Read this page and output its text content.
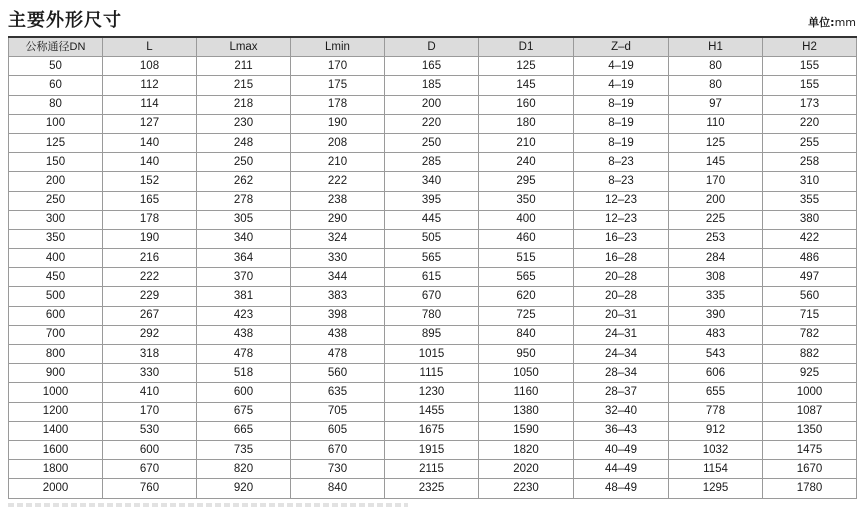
主要外形尺寸	单位:mm
公称通径DN	L	Lmax	Lmin	D	D1	Z–d	H1	H2
50	108	211	170	165	125	4–19	80	155
60	112	215	175	185	145	4–19	80	155
80	114	218	178	200	160	8–19	97	173
100	127	230	190	220	180	8–19	110	220
125	140	248	208	250	210	8–19	125	255
150	140	250	210	285	240	8–23	145	258
200	152	262	222	340	295	8–23	170	310
250	165	278	238	395	350	12–23	200	355
300	178	305	290	445	400	12–23	225	380
350	190	340	324	505	460	16–23	253	422
400	216	364	330	565	515	16–28	284	486
450	222	370	344	615	565	20–28	308	497
500	229	381	383	670	620	20–28	335	560
600	267	423	398	780	725	20–31	390	715
700	292	438	438	895	840	24–31	483	782
800	318	478	478	1015	950	24–34	543	882
900	330	518	560	1115	1050	28–34	606	925
1000	410	600	635	1230	1160	28–37	655	1000
1200	170	675	705	1455	1380	32–40	778	1087
1400	530	665	605	1675	1590	36–43	912	1350
1600	600	735	670	1915	1820	40–49	1032	1475
1800	670	820	730	2115	2020	44–49	1154	1670
2000	760	920	840	2325	2230	48–49	1295	1780
